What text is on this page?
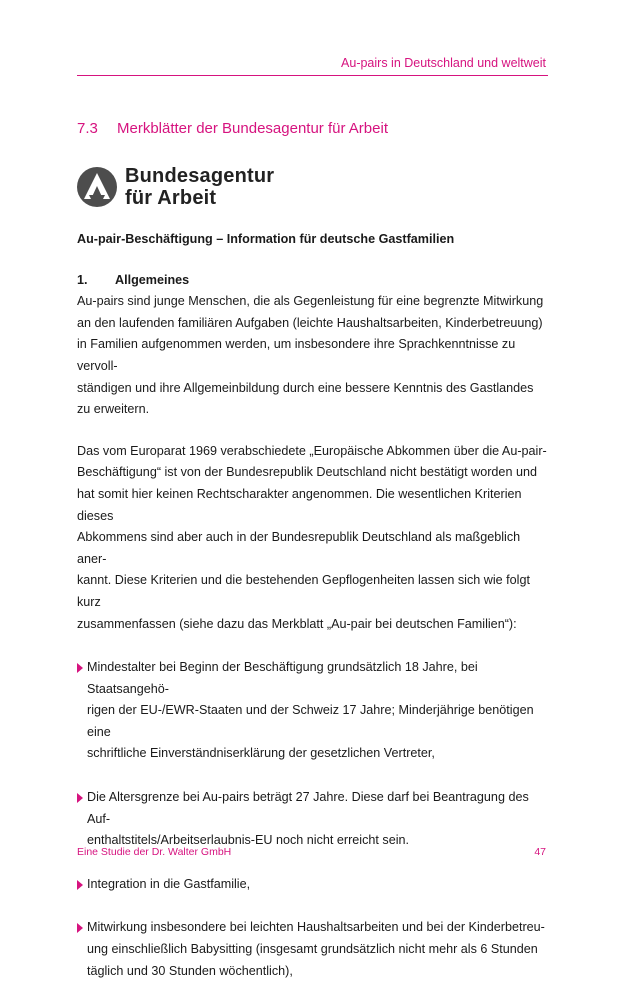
Au-pairs in Deutschland und weltweit
7.3 Merkblätter der Bundesagentur für Arbeit
Bundesagentur
für Arbeit

Au-pair-Beschäftigung – Information für deutsche Gastfamilien

1. Allgemeines

Au-pairs sind junge Menschen, die als Gegenleistung für eine begrenzte Mitwirkung
an den laufenden familiären Aufgaben (leichte Haushaltsarbeiten, Kinderbetreuung)
in Familien aufgenommen werden, um insbesondere ihre Sprachkenntnisse zu vervoll-
ständigen und ihre Allgemeinbildung durch eine bessere Kenntnis des Gastlandes
zu erweitern.

Das vom Europarat 1969 verabschiedete „Europäische Abkommen über die Au-pair-
Beschäftigung“ ist von der Bundesrepublik Deutschland nicht bestätigt worden und
hat somit hier keinen Rechtscharakter angenommen. Die wesentlichen Kriterien dieses
Abkommens sind aber auch in der Bundesrepublik Deutschland als maßgeblich aner-
kannt. Diese Kriterien und die bestehenden Gepflogenheiten lassen sich wie folgt kurz
zusammenfassen (siehe dazu das Merkblatt „Au-pair bei deutschen Familien“):

Mindestalter bei Beginn der Beschäftigung grundsätzlich 18 Jahre, bei Staatsangehö-
rigen der EU-/EWR-Staaten und der Schweiz 17 Jahre; Minderjährige benötigen eine
schriftliche Einverständniserklärung der gesetzlichen Vertreter,

Die Altersgrenze bei Au-pairs beträgt 27 Jahre. Diese darf bei Beantragung des Auf-
enthaltstitels/Arbeitserlaubnis-EU noch nicht erreicht sein.

Integration in die Gastfamilie,

Mitwirkung insbesondere bei leichten Haushaltsarbeiten und bei der Kinderbetreu-
ung einschließlich Babysitting (insgesamt grundsätzlich nicht mehr als 6 Stunden
täglich und 30 Stunden wöchentlich),

Eine Studie der Dr. Walter GmbH	47
